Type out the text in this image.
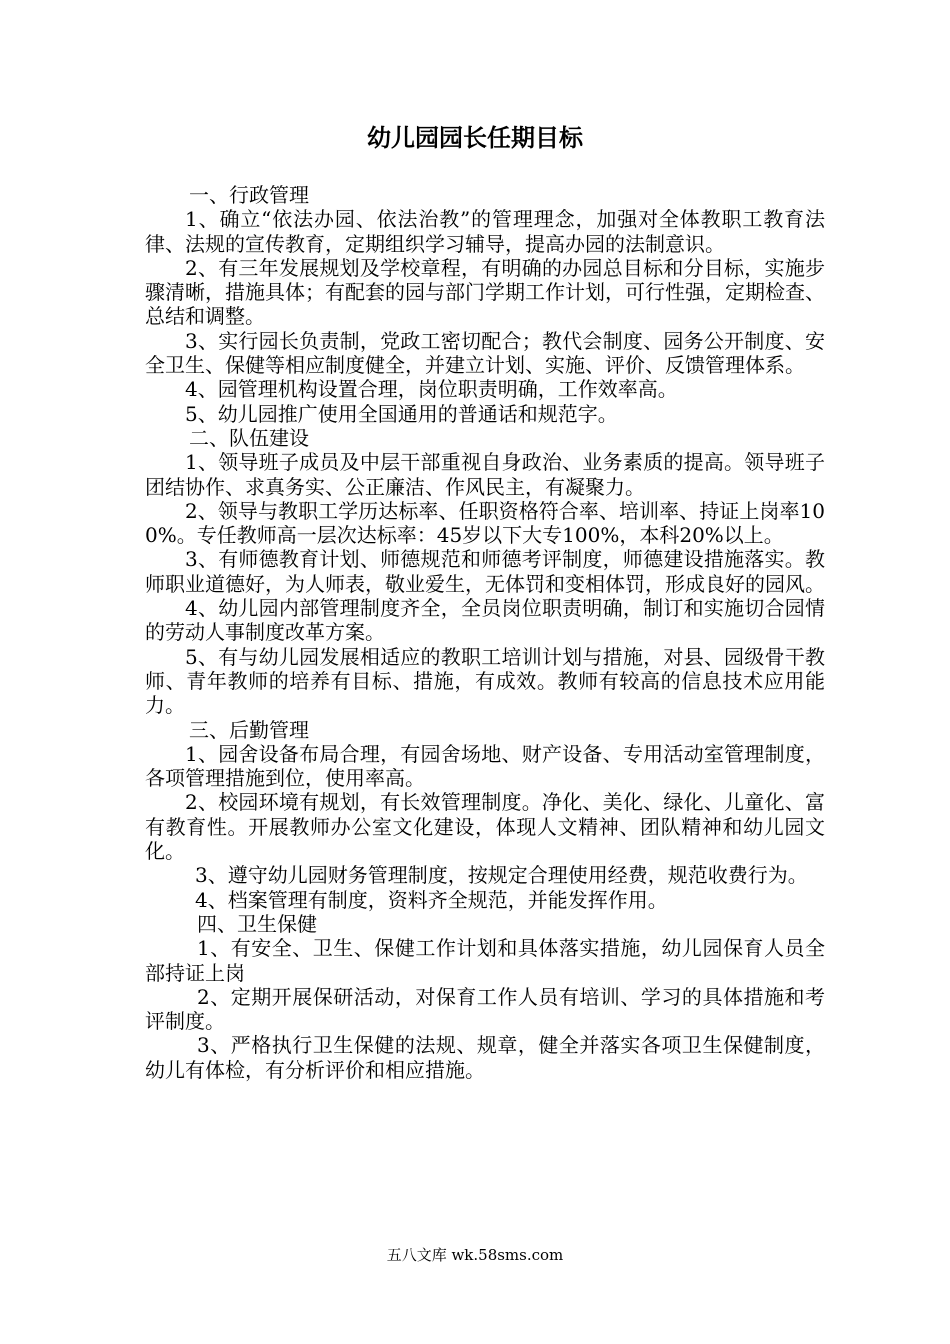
幼儿园园长任期目标

一、行政管理

1、确立“依法办园、依法治教”的管理理念，加强对全体教职工教育法律、法规的宣传教育，定期组织学习辅导，提高办园的法制意识。

2、有三年发展规划及学校章程，有明确的办园总目标和分目标，实施步骤清晰，措施具体；有配套的园与部门学期工作计划，可行性强，定期检查、总结和调整。

3、实行园长负责制，党政工密切配合；教代会制度、园务公开制度、安全卫生、保健等相应制度健全，并建立计划、实施、评价、反馈管理体系。

4、园管理机构设置合理，岗位职责明确，工作效率高。

5、幼儿园推广使用全国通用的普通话和规范字。

二、队伍建设

1、领导班子成员及中层干部重视自身政治、业务素质的提高。领导班子团结协作、求真务实、公正廉洁、作风民主，有凝聚力。

2、领导与教职工学历达标率、任职资格符合率、培训率、持证上岗率100%。专任教师高一层次达标率：45岁以下大专100%，本科20%以上。

3、有师德教育计划、师德规范和师德考评制度，师德建设措施落实。教师职业道德好，为人师表，敬业爱生，无体罚和变相体罚，形成良好的园风。

4、幼儿园内部管理制度齐全，全员岗位职责明确，制订和实施切合园情的劳动人事制度改革方案。

5、有与幼儿园发展相适应的教职工培训计划与措施，对县、园级骨干教师、青年教师的培养有目标、措施，有成效。教师有较高的信息技术应用能力。

三、后勤管理

1、园舍设备布局合理，有园舍场地、财产设备、专用活动室管理制度，各项管理措施到位，使用率高。

2、校园环境有规划，有长效管理制度。净化、美化、绿化、儿童化、富有教育性。开展教师办公室文化建设，体现人文精神、团队精神和幼儿园文化。

3、遵守幼儿园财务管理制度，按规定合理使用经费，规范收费行为。

4、档案管理有制度，资料齐全规范，并能发挥作用。

四、卫生保健

1、有安全、卫生、保健工作计划和具体落实措施，幼儿园保育人员全部持证上岗

2、定期开展保研活动，对保育工作人员有培训、学习的具体措施和考评制度。

3、严格执行卫生保健的法规、规章，健全并落实各项卫生保健制度，幼儿有体检，有分析评价和相应措施。

五八文库 wk.58sms.com
